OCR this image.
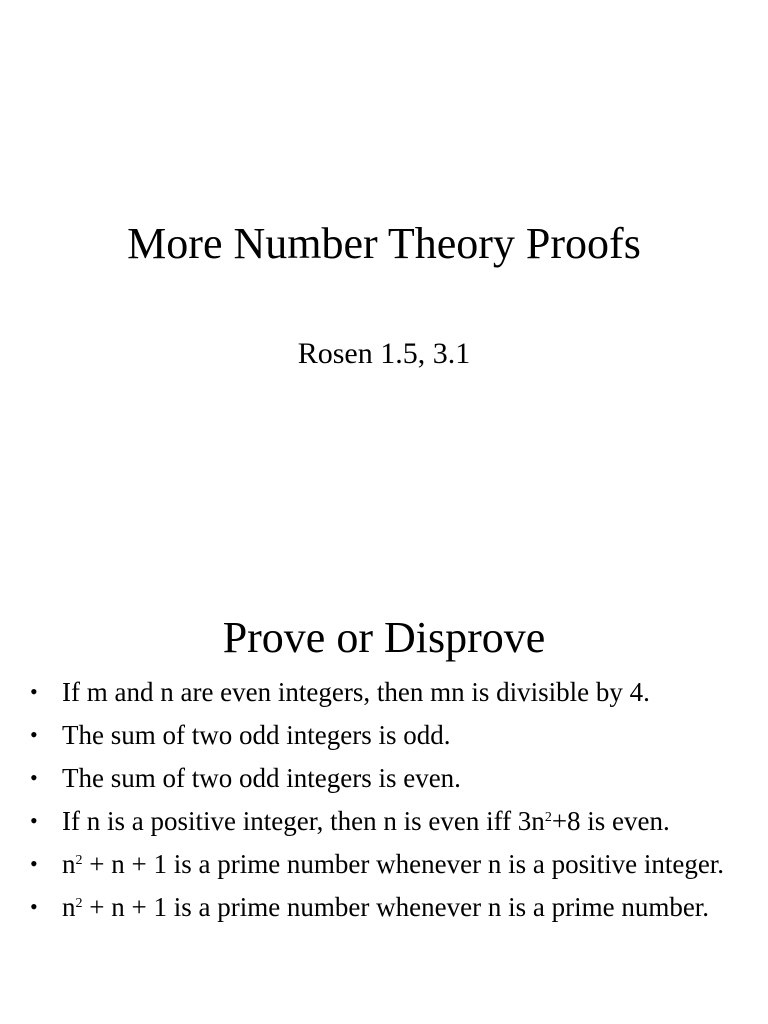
More Number Theory Proofs

Rosen 1.5, 3.1

Prove or Disprove
• If m and n are even integers, then mn is divisible by 4.
• The sum of two odd integers is odd.
• The sum of two odd integers is even.
• If n is a positive integer, then n is even iff $3n^2+8$ is even.
• $n^2 + n + 1$ is a prime number whenever n is a positive integer.
• $n^2 + n + 1$ is a prime number whenever n is a prime number.
